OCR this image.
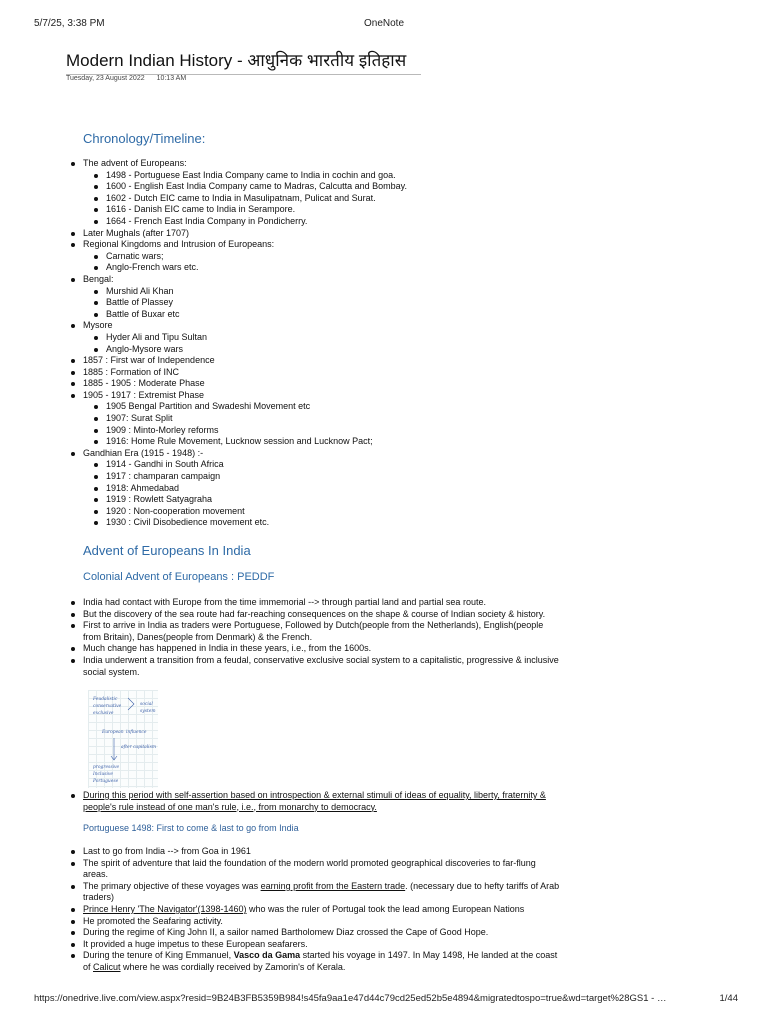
5/7/25, 3:38 PM	OneNote
Modern Indian History - आधुनिक भारतीय इतिहास
Tuesday, 23 August 2022 10:13 AM
Chronology/Timeline:
The advent of Europeans:
1498 - Portuguese East India Company came to India in cochin and goa.
1600 - English East India Company came to Madras, Calcutta and Bombay.
1602 - Dutch EIC came to India in Masulipatnam, Pulicat and Surat.
1616 - Danish EIC came to India in Serampore.
1664 - French East India Company in Pondicherry.
Later Mughals (after 1707)
Regional Kingdoms and Intrusion of Europeans:
Carnatic wars;
Anglo-French wars etc.
Bengal:
Murshid Ali Khan
Battle of Plassey
Battle of Buxar etc
Mysore
Hyder Ali and Tipu Sultan
Anglo-Mysore wars
1857 : First war of Independence
1885 : Formation of INC
1885 - 1905 : Moderate Phase
1905 - 1917 : Extremist Phase
1905 Bengal Partition and Swadeshi Movement etc
1907: Surat Split
1909 : Minto-Morley reforms
1916: Home Rule Movement, Lucknow session and Lucknow Pact;
Gandhian Era (1915 - 1948) :-
1914 - Gandhi in South Africa
1917 : champaran campaign
1918: Ahmedabad
1919 : Rowlett Satyagraha
1920 : Non-cooperation movement
1930 : Civil Disobedience movement etc.
Advent of Europeans In India
Colonial Advent of Europeans : PEDDF
India had contact with Europe from the time immemorial --> through partial land and partial sea route.
But the discovery of the sea route had far-reaching consequences on the shape & course of Indian society & history.
First to arrive in India as traders were Portuguese, Followed by Dutch(people from the Netherlands), English(people from Britain), Danes(people from Denmark) & the French.
Much change has happened in India in these years, i.e., from the 1600s.
India underwent a transition from a feudal, conservative exclusive social system to a capitalistic, progressive & inclusive social system.
Feudalistic
conservative
exclusive
social
system
European influence
after capitalism
progressive
Inclusive
Portuguese
During this period with self-assertion based on introspection & external stimuli of ideas of equality, liberty, fraternity & people's rule instead of one man's rule, i.e., from monarchy to democracy.
Portuguese 1498: First to come & last to go from India
Last to go from India --> from Goa in 1961
The spirit of adventure that laid the foundation of the modern world promoted geographical discoveries to far-flung areas.
The primary objective of these voyages was earning profit from the Eastern trade. (necessary due to hefty tariffs of Arab traders)
Prince Henry 'The Navigator'(1398-1460) who was the ruler of Portugal took the lead among European Nations
He promoted the Seafaring activity.
During the regime of King John II, a sailor named Bartholomew Diaz crossed the Cape of Good Hope.
It provided a huge impetus to these European seafarers.
During the tenure of King Emmanuel, Vasco da Gama started his voyage in 1497. In May 1498, He landed at the coast of Calicut where he was cordially received by Zamorin's of Kerala.
https://onedrive.live.com/view.aspx?resid=9B24B3FB5359B984!s45fa9aa1e47d44c79cd25ed52b5e4894&migratedtospo=true&wd=target%28GS1 - …	1/44
